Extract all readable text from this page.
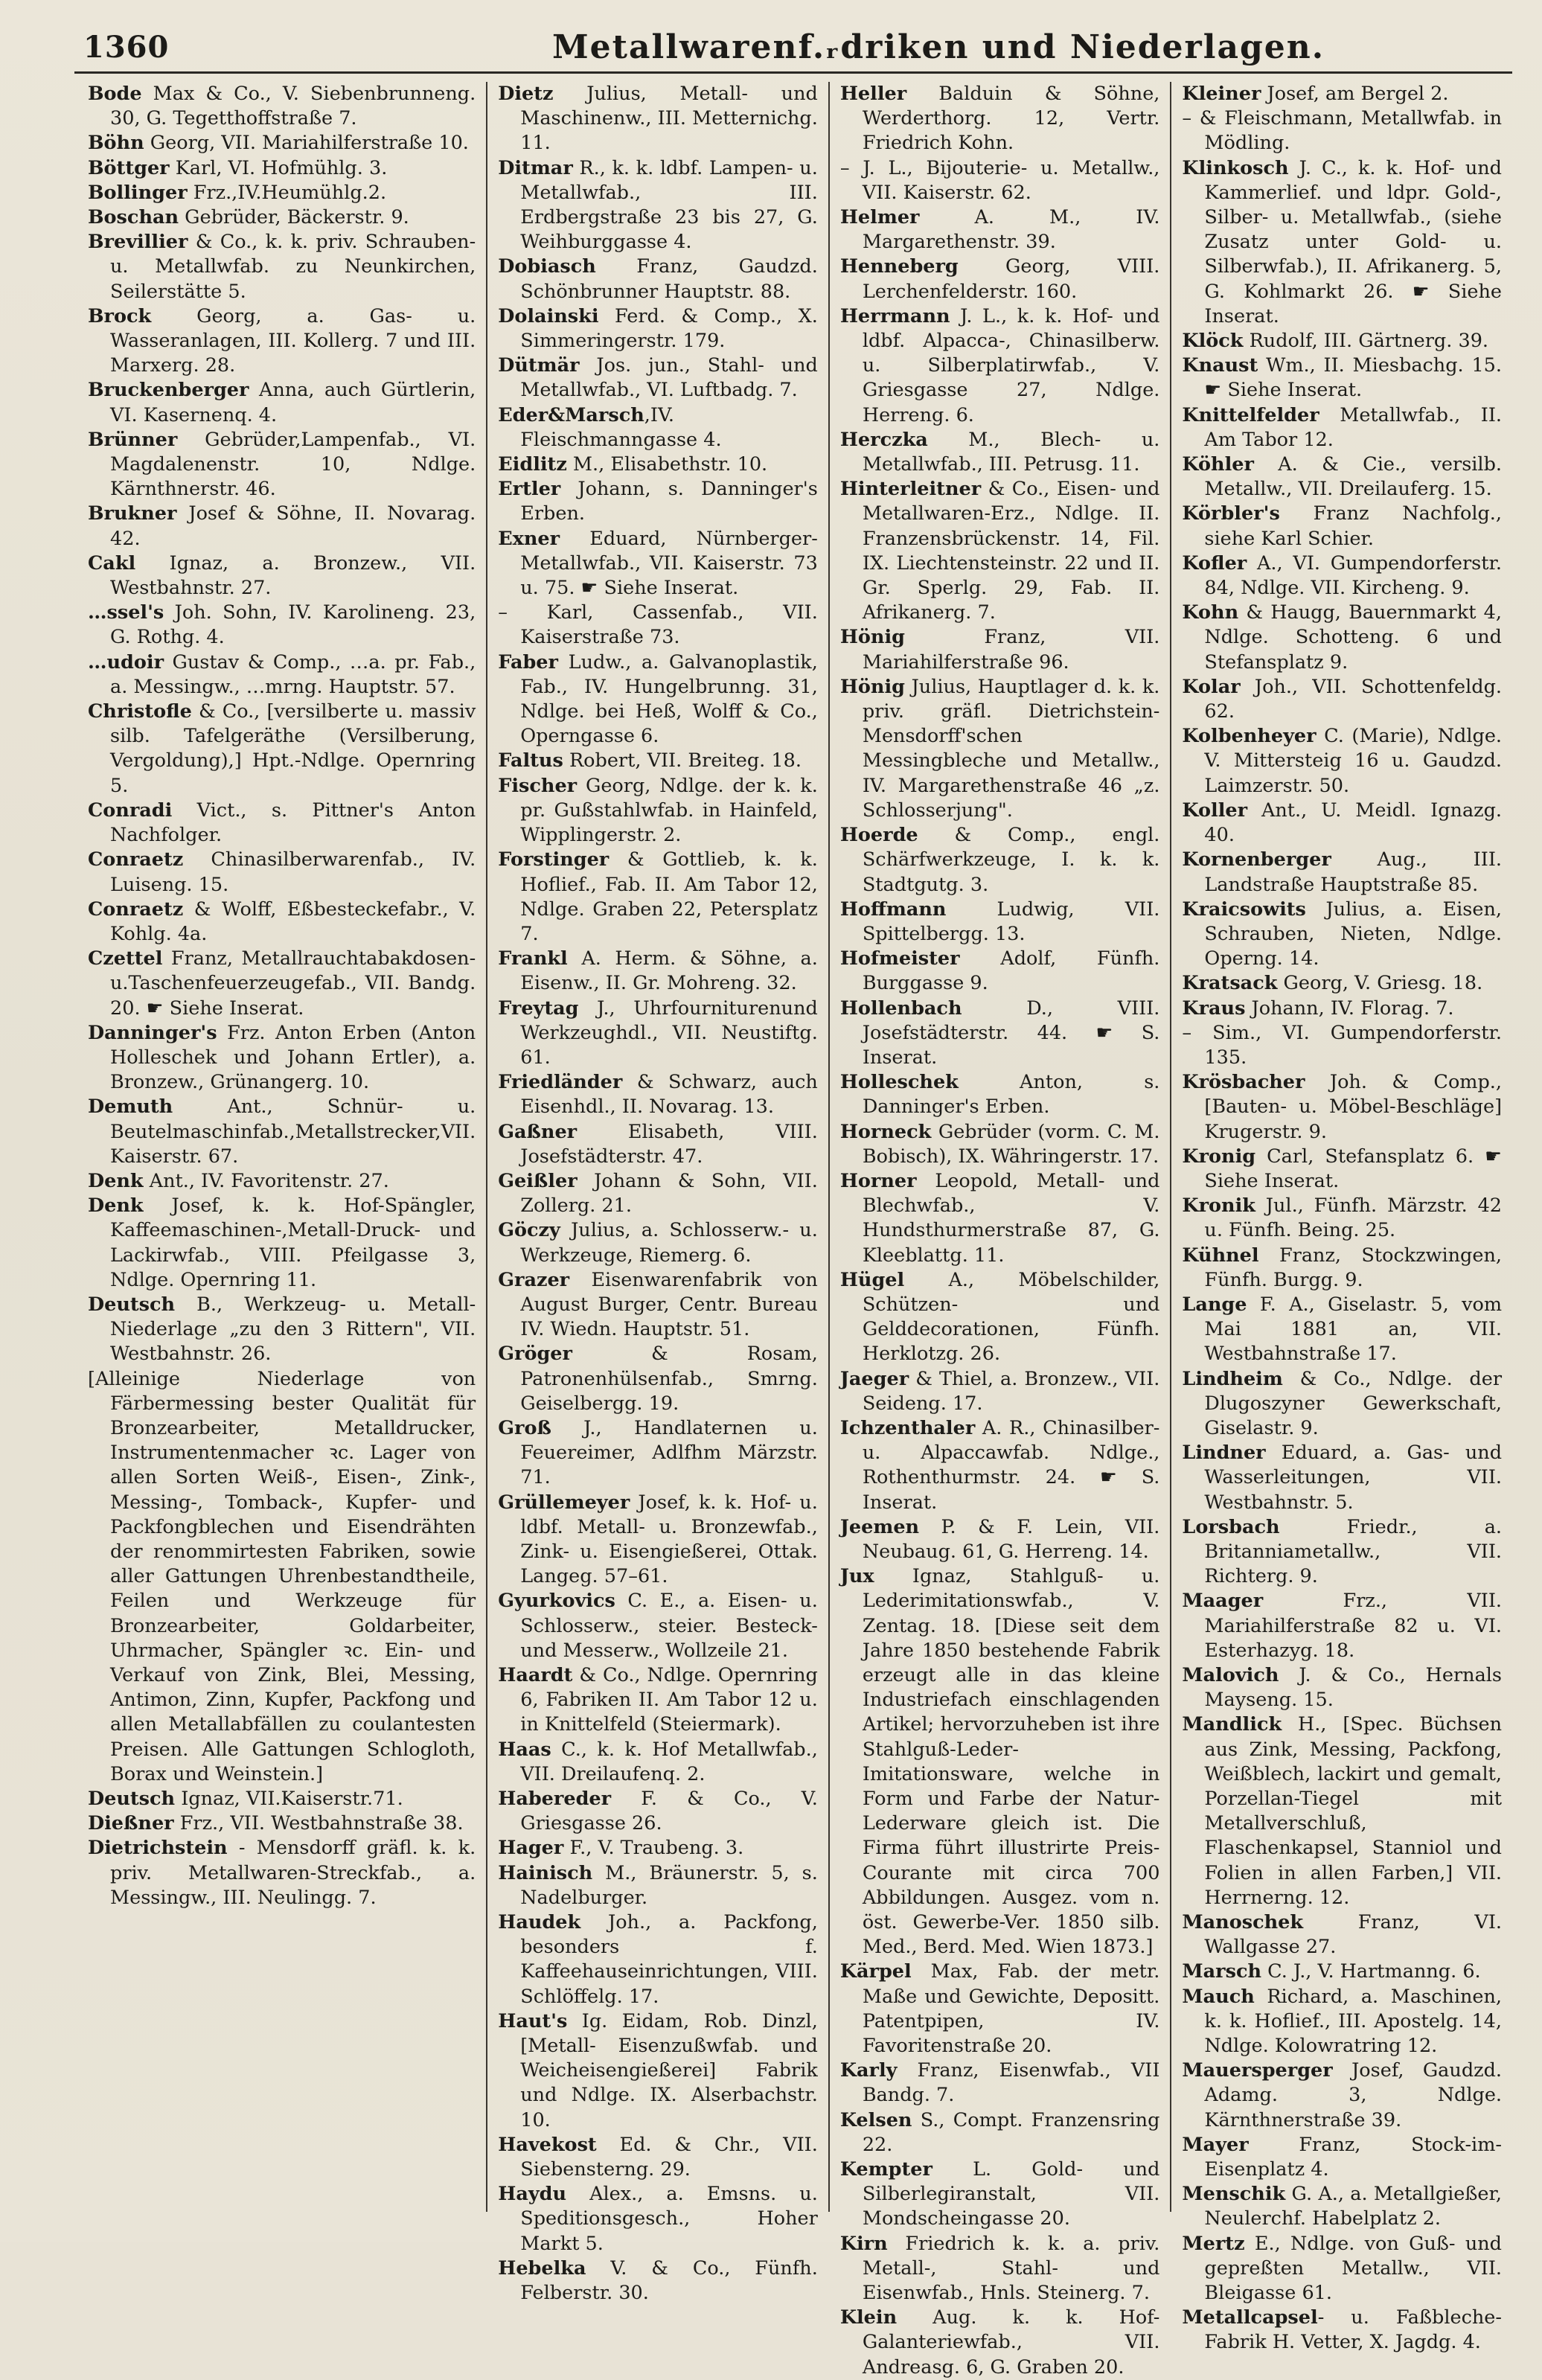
1360	Metallwarenf.ᵣdriken und Niederlagen.
Bode Max & Co., V. Siebenbrunneng. 30, G. Tegetthoffstraße 7.
Böhn Georg, VII. Mariahilferstraße 10.
Böttger Karl, VI. Hofmühlg. 3.
Bollinger Frz.,IV.Heumühlg.2.
Boschan Gebrüder, Bäckerstr. 9.
Brevillier & Co., k. k. priv. Schrauben- u. Metallwfab. zu Neunkirchen, Seilerstätte 5.
Brock Georg, a. Gas- u. Wasseranlagen, III. Kollerg. 7 und III. Marxerg. 28.
Bruckenberger Anna, auch Gürtlerin, VI. Kasernenq. 4.
Brünner Gebrüder,Lampenfab., VI. Magdalenenstr. 10, Ndlge. Kärnthnerstr. 46.
Brukner Josef & Söhne, II. Novarag. 42.
Cakl Ignaz, a. Bronzew., VII. Westbahnstr. 27.
…ssel's Joh. Sohn, IV. Karolineng. 23, G. Rothg. 4.
…udoir Gustav & Comp., …a. pr. Fab., a. Messingw., …mrng. Hauptstr. 57.
Christofle & Co., [versilberte u. massiv silb. Tafelgeräthe (Versilberung, Vergoldung),] Hpt.-Ndlge. Opernring 5.
Conradi Vict., s. Pittner's Anton Nachfolger.
Conraetz Chinasilberwarenfab., IV. Luiseng. 15.
Conraetz & Wolff, Eßbesteckefabr., V. Kohlg. 4a.
Czettel Franz, Metallrauchtabakdosen-u.Taschenfeuerzeugefab., VII. Bandg. 20. ☛ Siehe Inserat.
Danninger's Frz. Anton Erben (Anton Holleschek und Johann Ertler), a. Bronzew., Grünangerg. 10.
Demuth Ant., Schnür- u. Beutelmaschinfab.,Metallstrecker,VII. Kaiserstr. 67.
Denk Ant., IV. Favoritenstr. 27.
Denk Josef, k. k. Hof-Spängler, Kaffeemaschinen-,Metall-Druck- und Lackirwfab., VIII. Pfeilgasse 3, Ndlge. Opernring 11.
Deutsch B., Werkzeug- u. Metall-Niederlage „zu den 3 Rittern", VII. Westbahnstr. 26.
[Alleinige Niederlage von Färbermessing bester Qualität für Bronzearbeiter, Metalldrucker, Instrumentenmacher ꝛc. Lager von allen Sorten Weiß-, Eisen-, Zink-, Messing-, Tomback-, Kupfer- und Packfongblechen und Eisendrähten der renommirtesten Fabriken, sowie aller Gattungen Uhrenbestandtheile, Feilen und Werkzeuge für Bronzearbeiter, Goldarbeiter, Uhrmacher, Spängler ꝛc. Ein- und Verkauf von Zink, Blei, Messing, Antimon, Zinn, Kupfer, Packfong und allen Metallabfällen zu coulantesten Preisen. Alle Gattungen Schlogloth, Borax und Weinstein.]
Deutsch Ignaz, VII.Kaiserstr.71.
Dießner Frz., VII. Westbahnstraße 38.
Dietrichstein - Mensdorff gräfl. k. k. priv. Metallwaren-Streckfab., a. Messingw., III. Neulingg. 7.
Dietz Julius, Metall- und Maschinenw., III. Metternichg. 11.
Ditmar R., k. k. ldbf. Lampen- u. Metallwfab., III. Erdbergstraße 23 bis 27, G. Weihburggasse 4.
Dobiasch Franz, Gaudzd. Schönbrunner Hauptstr. 88.
Dolainski Ferd. & Comp., X. Simmeringerstr. 179.
Dütmär Jos. jun., Stahl- und Metallwfab., VI. Luftbadg. 7.
Eder&Marsch,IV. Fleischmanngasse 4.
Eidlitz M., Elisabethstr. 10.
Ertler Johann, s. Danninger's Erben.
Exner Eduard, Nürnberger-Metallwfab., VII. Kaiserstr. 73 u. 75. ☛ Siehe Inserat.
– Karl, Cassenfab., VII. Kaiserstraße 73.
Faber Ludw., a. Galvanoplastik, Fab., IV. Hungelbrunng. 31, Ndlge. bei Heß, Wolff & Co., Operngasse 6.
Faltus Robert, VII. Breiteg. 18.
Fischer Georg, Ndlge. der k. k. pr. Gußstahlwfab. in Hainfeld, Wipplingerstr. 2.
Forstinger & Gottlieb, k. k. Hoflief., Fab. II. Am Tabor 12, Ndlge. Graben 22, Petersplatz 7.
Frankl A. Herm. & Söhne, a. Eisenw., II. Gr. Mohreng. 32.
Freytag J., Uhrfourniturenund Werkzeughdl., VII. Neustiftg. 61.
Friedländer & Schwarz, auch Eisenhdl., II. Novarag. 13.
Gaßner Elisabeth, VIII. Josefstädterstr. 47.
Geißler Johann & Sohn, VII. Zollerg. 21.
Göczy Julius, a. Schlosserw.- u. Werkzeuge, Riemerg. 6.
Grazer Eisenwarenfabrik von August Burger, Centr. Bureau IV. Wiedn. Hauptstr. 51.
Gröger & Rosam, Patronenhülsenfab., Smrng. Geiselbergg. 19.
Groß J., Handlaternen u. Feuereimer, Adlfhm Märzstr. 71.
Grüllemeyer Josef, k. k. Hof- u. ldbf. Metall- u. Bronzewfab., Zink- u. Eisengießerei, Ottak. Langeg. 57–61.
Gyurkovics C. E., a. Eisen- u. Schlosserw., steier. Besteck- und Messerw., Wollzeile 21.
Haardt & Co., Ndlge. Opernring 6, Fabriken II. Am Tabor 12 u. in Knittelfeld (Steiermark).
Haas C., k. k. Hof Metallwfab., VII. Dreilaufenq. 2.
Habereder F. & Co., V. Griesgasse 26.
Hager F., V. Traubeng. 3.
Hainisch M., Bräunerstr. 5, s. Nadelburger.
Haudek Joh., a. Packfong, besonders f. Kaffeehauseinrichtungen, VIII. Schlöffelg. 17.
Haut's Ig. Eidam, Rob. Dinzl, [Metall- Eisenzußwfab. und Weicheisengießerei] Fabrik und Ndlge. IX. Alserbachstr. 10.
Havekost Ed. & Chr., VII. Siebensterng. 29.
Haydu Alex., a. Emsns. u. Speditionsgesch., Hoher Markt 5.
Hebelka V. & Co., Fünfh. Felberstr. 30.
Heller Balduin & Söhne, Werderthorg. 12, Vertr. Friedrich Kohn.
– J. L., Bijouterie- u. Metallw., VII. Kaiserstr. 62.
Helmer A. M., IV. Margarethenstr. 39.
Henneberg Georg, VIII. Lerchenfelderstr. 160.
Herrmann J. L., k. k. Hof- und ldbf. Alpacca-, Chinasilberw. u. Silberplatirwfab., V. Griesgasse 27, Ndlge. Herreng. 6.
Herczka M., Blech- u. Metallwfab., III. Petrusg. 11.
Hinterleitner & Co., Eisen- und Metallwaren-Erz., Ndlge. II. Franzensbrückenstr. 14, Fil. IX. Liechtensteinstr. 22 und II. Gr. Sperlg. 29, Fab. II. Afrikanerg. 7.
Hönig Franz, VII. Mariahilferstraße 96.
Hönig Julius, Hauptlager d. k. k. priv. gräfl. Dietrichstein-Mensdorff'schen Messingbleche und Metallw., IV. Margarethenstraße 46 „z. Schlosserjung".
Hoerde & Comp., engl. Schärfwerkzeuge, I. k. k. Stadtgutg. 3.
Hoffmann Ludwig, VII. Spittelbergg. 13.
Hofmeister Adolf, Fünfh. Burggasse 9.
Hollenbach D., VIII. Josefstädterstr. 44. ☛ S. Inserat.
Holleschek Anton, s. Danninger's Erben.
Horneck Gebrüder (vorm. C. M. Bobisch), IX. Währingerstr. 17.
Horner Leopold, Metall- und Blechwfab., V. Hundsthurmerstraße 87, G. Kleeblattg. 11.
Hügel A., Möbelschilder, Schützen- und Gelddecorationen, Fünfh. Herklotzg. 26.
Jaeger & Thiel, a. Bronzew., VII. Seideng. 17.
Ichzenthaler A. R., Chinasilber- u. Alpaccawfab. Ndlge., Rothenthurmstr. 24. ☛ S. Inserat.
Jeemen P. & F. Lein, VII. Neubaug. 61, G. Herreng. 14.
Jux Ignaz, Stahlguß- u. Lederimitationswfab., V. Zentag. 18. [Diese seit dem Jahre 1850 bestehende Fabrik erzeugt alle in das kleine Industriefach einschlagenden Artikel; hervorzuheben ist ihre Stahlguß-Leder-Imitationsware, welche in Form und Farbe der Natur-Lederware gleich ist. Die Firma führt illustrirte Preis-Courante mit circa 700 Abbildungen. Ausgez. vom n. öst. Gewerbe-Ver. 1850 silb. Med., Berd. Med. Wien 1873.]
Kärpel Max, Fab. der metr. Maße und Gewichte, Depositt. Patentpipen, IV. Favoritenstraße 20.
Karly Franz, Eisenwfab., VII Bandg. 7.
Kelsen S., Compt. Franzensring 22.
Kempter L. Gold- und Silberlegiranstalt, VII. Mondscheingasse 20.
Kirn Friedrich k. k. a. priv. Metall-, Stahl- und Eisenwfab., Hnls. Steinerg. 7.
Klein Aug. k. k. Hof-Galanteriewfab., VII. Andreasg. 6, G. Graben 20.
Kleiner Josef, am Bergel 2.
– & Fleischmann, Metallwfab. in Mödling.
Klinkosch J. C., k. k. Hof- und Kammerlief. und ldpr. Gold-, Silber- u. Metallwfab., (siehe Zusatz unter Gold- u. Silberwfab.), II. Afrikanerg. 5, G. Kohlmarkt 26. ☛ Siehe Inserat.
Klöck Rudolf, III. Gärtnerg. 39.
Knaust Wm., II. Miesbachg. 15. ☛ Siehe Inserat.
Knittelfelder Metallwfab., II. Am Tabor 12.
Köhler A. & Cie., versilb. Metallw., VII. Dreilauferg. 15.
Körbler's Franz Nachfolg., siehe Karl Schier.
Kofler A., VI. Gumpendorferstr. 84, Ndlge. VII. Kircheng. 9.
Kohn & Haugg, Bauernmarkt 4, Ndlge. Schotteng. 6 und Stefansplatz 9.
Kolar Joh., VII. Schottenfeldg. 62.
Kolbenheyer C. (Marie), Ndlge. V. Mittersteig 16 u. Gaudzd. Laimzerstr. 50.
Koller Ant., U. Meidl. Ignazg. 40.
Kornenberger Aug., III. Landstraße Hauptstraße 85.
Kraicsowits Julius, a. Eisen, Schrauben, Nieten, Ndlge. Operng. 14.
Kratsack Georg, V. Griesg. 18.
Kraus Johann, IV. Florag. 7.
– Sim., VI. Gumpendorferstr. 135.
Krösbacher Joh. & Comp., [Bauten- u. Möbel-Beschläge] Krugerstr. 9.
Kronig Carl, Stefansplatz 6. ☛ Siehe Inserat.
Kronik Jul., Fünfh. Märzstr. 42 u. Fünfh. Being. 25.
Kühnel Franz, Stockzwingen, Fünfh. Burgg. 9.
Lange F. A., Giselastr. 5, vom Mai 1881 an, VII. Westbahnstraße 17.
Lindheim & Co., Ndlge. der Dlugoszyner Gewerkschaft, Giselastr. 9.
Lindner Eduard, a. Gas- und Wasserleitungen, VII. Westbahnstr. 5.
Lorsbach Friedr., a. Britanniametallw., VII. Richterg. 9.
Maager Frz., VII. Mariahilferstraße 82 u. VI. Esterhazyg. 18.
Malovich J. & Co., Hernals Mayseng. 15.
Mandlick H., [Spec. Büchsen aus Zink, Messing, Packfong, Weißblech, lackirt und gemalt, Porzellan-Tiegel mit Metallverschluß, Flaschenkapsel, Stanniol und Folien in allen Farben,] VII. Herrnerng. 12.
Manoschek Franz, VI. Wallgasse 27.
Marsch C. J., V. Hartmanng. 6.
Mauch Richard, a. Maschinen, k. k. Hoflief., III. Apostelg. 14, Ndlge. Kolowratring 12.
Mauersperger Josef, Gaudzd. Adamg. 3, Ndlge. Kärnthnerstraße 39.
Mayer Franz, Stock-im-Eisenplatz 4.
Menschik G. A., a. Metallgießer, Neulerchf. Habelplatz 2.
Mertz E., Ndlge. von Guß- und gepreßten Metallw., VII. Bleigasse 61.
Metallcapsel- u. Faßbleche-Fabrik H. Vetter, X. Jagdg. 4.
